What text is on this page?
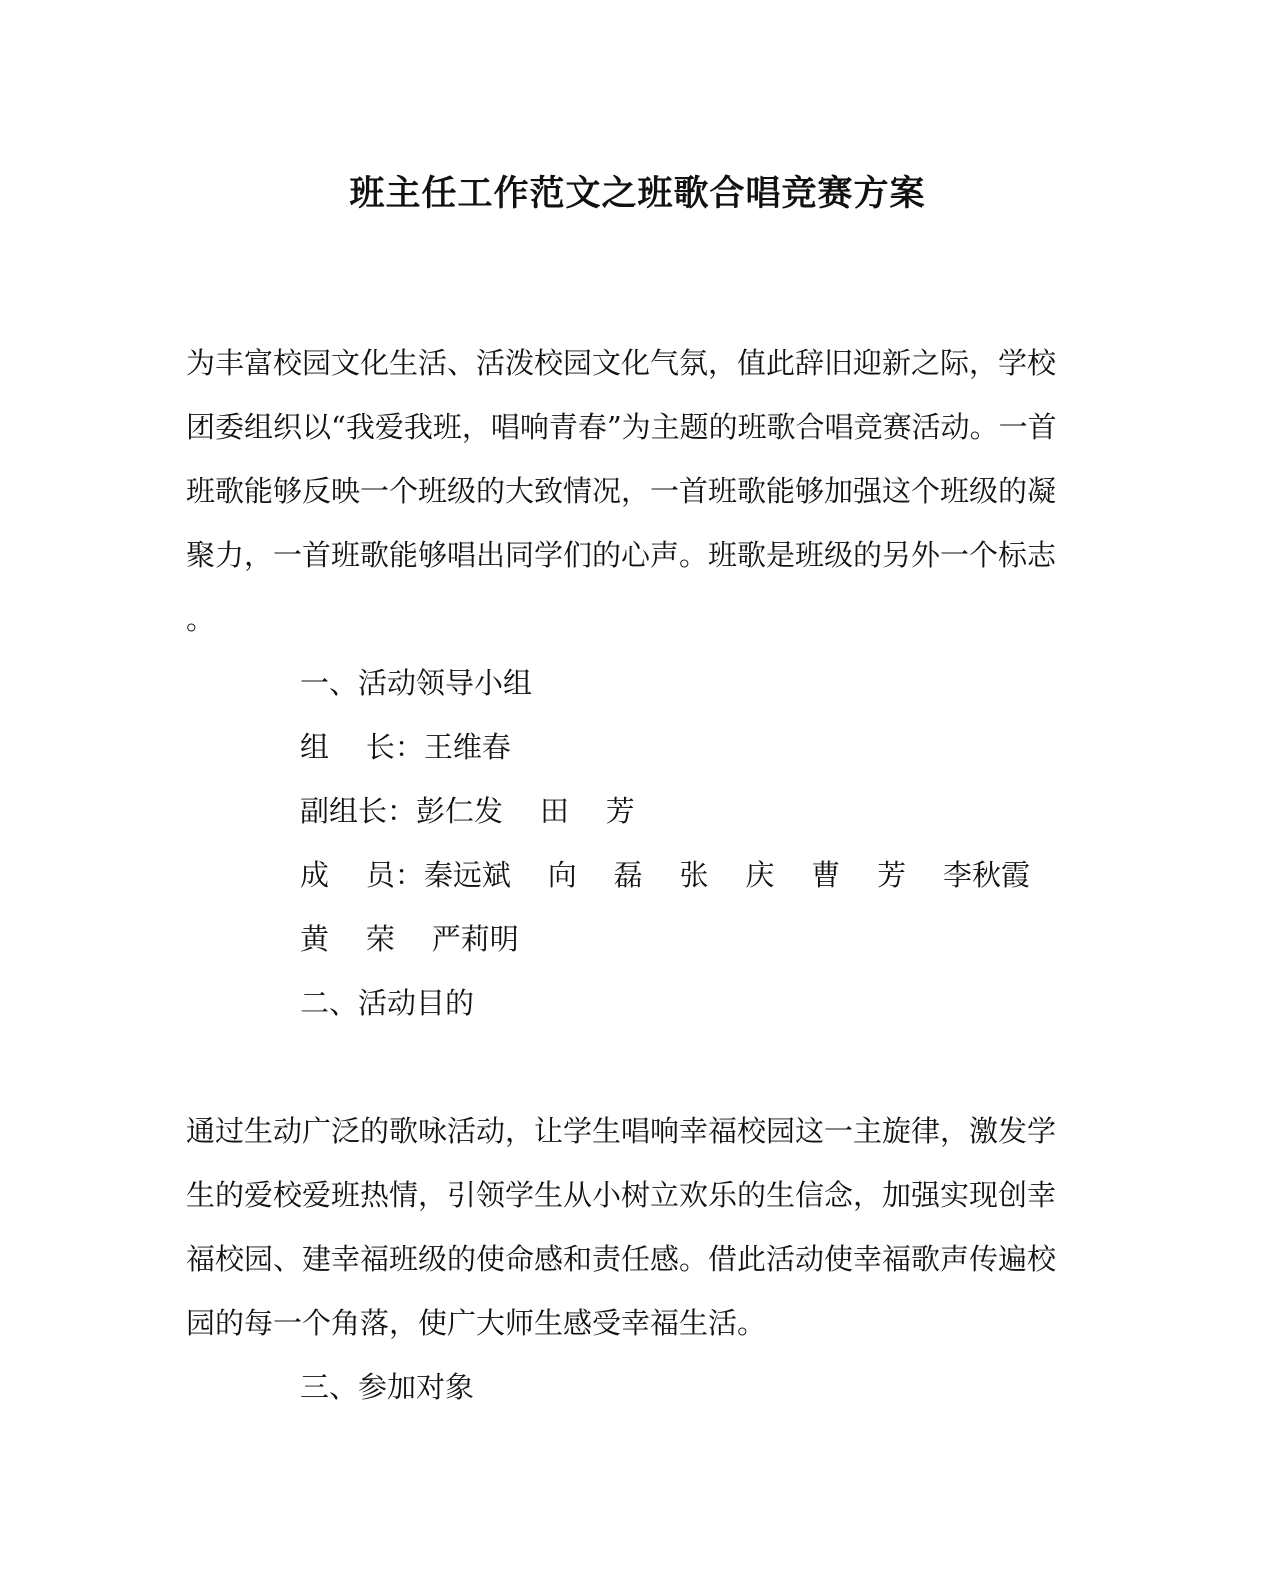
班主任工作范文之班歌合唱竞赛方案
为丰富校园文化生活、活泼校园文化气氛，值此辞旧迎新之际，学校
团委组织以“我爱我班，唱响青春”为主题的班歌合唱竞赛活动。一首
班歌能够反映一个班级的大致情况，一首班歌能够加强这个班级的凝
聚力，一首班歌能够唱出同学们的心声。班歌是班级的另外一个标志
。
一、活动领导小组
组    长：王维春
副组长：彭仁发    田    芳
成    员：秦远斌    向    磊    张    庆    曹    芳    李秋霞
黄    荣    严莉明
二、活动目的
通过生动广泛的歌咏活动，让学生唱响幸福校园这一主旋律，激发学
生的爱校爱班热情，引领学生从小树立欢乐的生信念，加强实现创幸
福校园、建幸福班级的使命感和责任感。借此活动使幸福歌声传遍校
园的每一个角落，使广大师生感受幸福生活。
三、参加对象
